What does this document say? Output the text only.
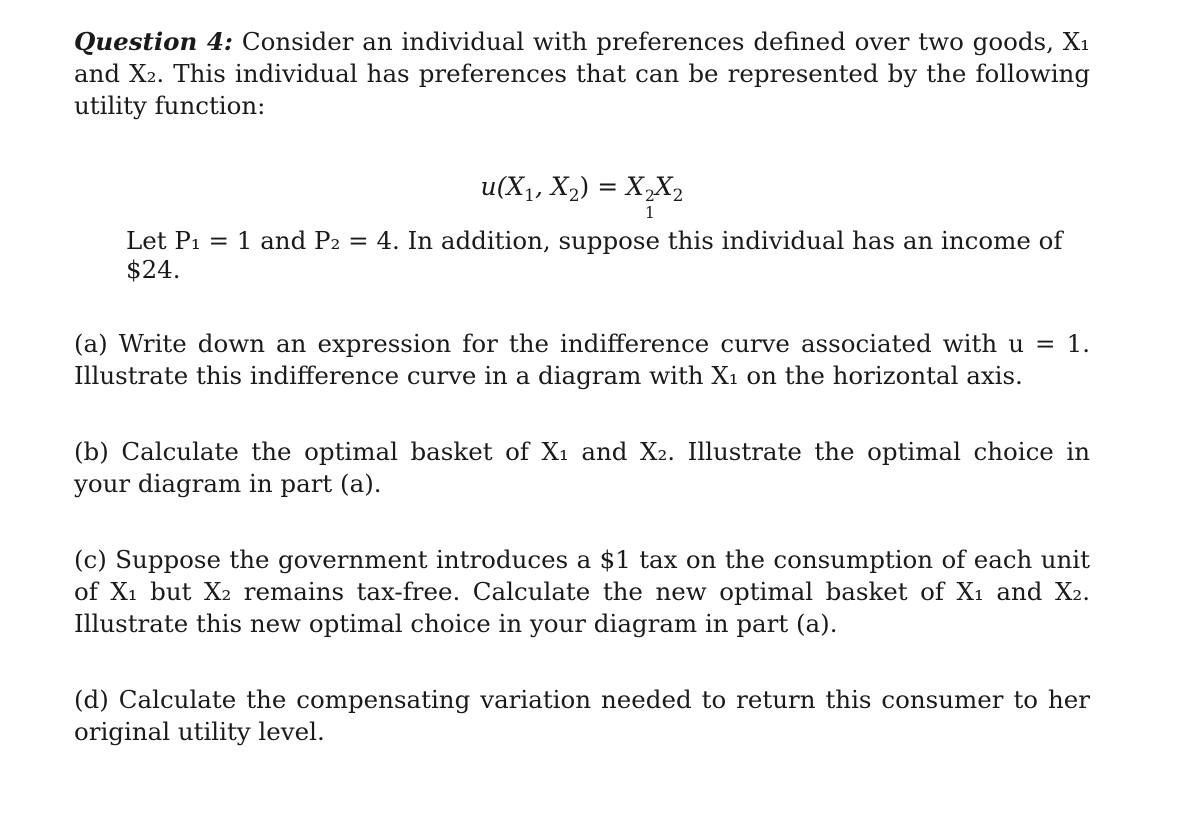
Question 4: Consider an individual with preferences defined over two goods, X₁ and X₂. This individual has preferences that can be represented by the following utility function:

$u(X_1$, $X_2) = X$ 2
1
$X_2$

Let P₁ = 1 and P₂ = 4. In addition, suppose this individual has an income of $24.

(a) Write down an expression for the indifference curve associated with u = 1. Illustrate this indifference curve in a diagram with X₁ on the horizontal axis.

(b) Calculate the optimal basket of X₁ and X₂. Illustrate the optimal choice in your diagram in part (a).

(c) Suppose the government introduces a $1 tax on the consumption of each unit of X₁ but X₂ remains tax-free. Calculate the new optimal basket of X₁ and X₂. Illustrate this new optimal choice in your diagram in part (a).

(d) Calculate the compensating variation needed to return this consumer to her original utility level.
